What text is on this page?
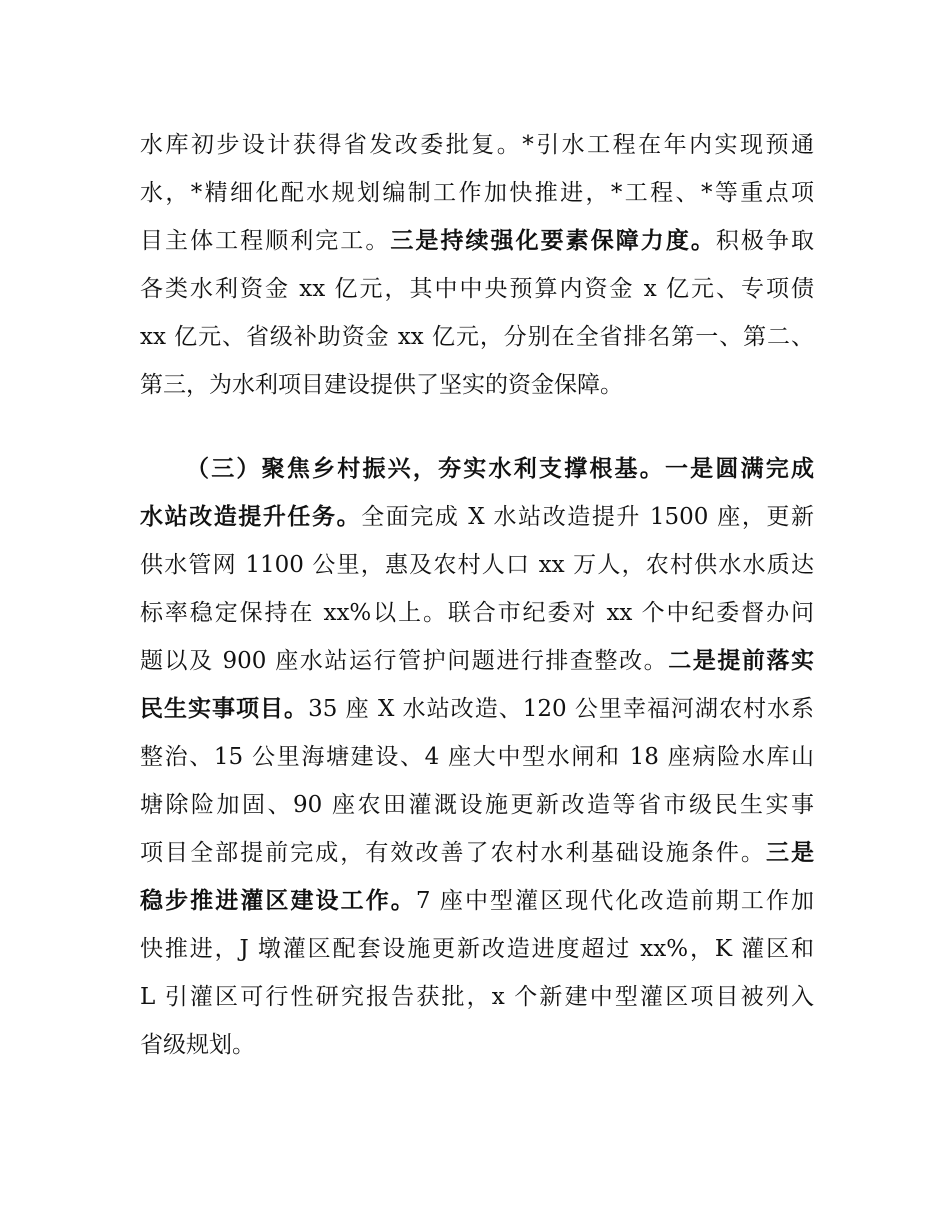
水库初步设计获得省发改委批复。*引水工程在年内实现预通
水，*精细化配水规划编制工作加快推进，*工程、*等重点项
目主体工程顺利完工。三是持续强化要素保障力度。积极争取
各类水利资金 xx 亿元，其中中央预算内资金 x 亿元、专项债
xx 亿元、省级补助资金 xx 亿元，分别在全省排名第一、第二、
第三，为水利项目建设提供了坚实的资金保障。
（三）聚焦乡村振兴，夯实水利支撑根基。一是圆满完成
水站改造提升任务。全面完成 X 水站改造提升 1500 座，更新
供水管网 1100 公里，惠及农村人口 xx 万人，农村供水水质达
标率稳定保持在 xx%以上。联合市纪委对 xx 个中纪委督办问
题以及 900 座水站运行管护问题进行排查整改。二是提前落实
民生实事项目。35 座 X 水站改造、120 公里幸福河湖农村水系
整治、15 公里海塘建设、4 座大中型水闸和 18 座病险水库山
塘除险加固、90 座农田灌溉设施更新改造等省市级民生实事
项目全部提前完成，有效改善了农村水利基础设施条件。三是
稳步推进灌区建设工作。7 座中型灌区现代化改造前期工作加
快推进，J 墩灌区配套设施更新改造进度超过 xx%，K 灌区和
L 引灌区可行性研究报告获批，x 个新建中型灌区项目被列入
省级规划。
